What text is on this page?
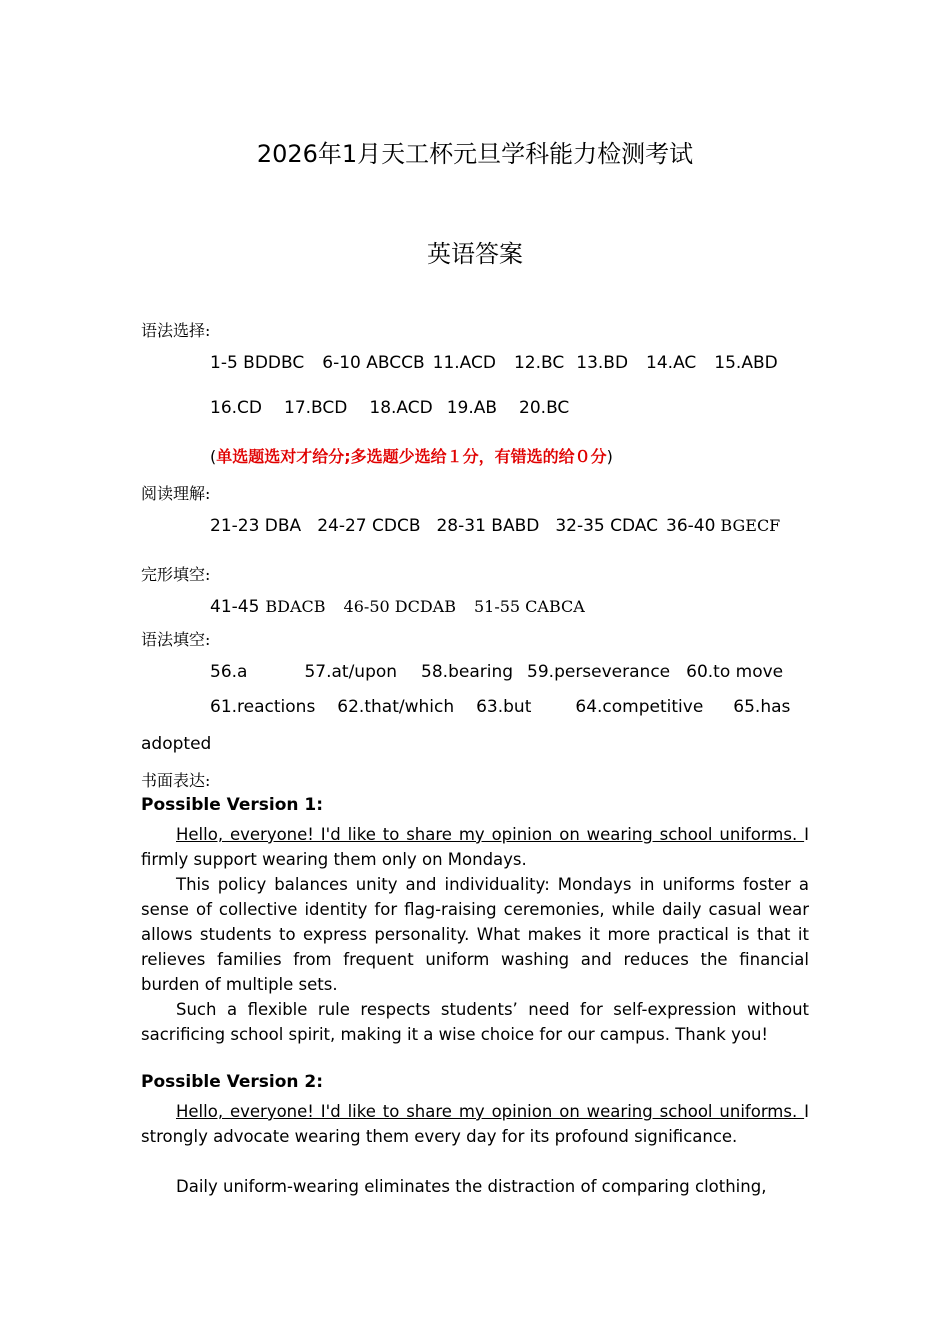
2026年1月天工杯元旦学科能力检测考试
英语答案
语法选择:
1-5 BDDBC 6-10 ABCCB 11.ACD 12.BC 13.BD 14.AC 15.ABD
16.CD 17.BCD 18.ACD 19.AB 20.BC
(单选题选对才给分;多选题少选给１分，有错选的给０分)
阅读理解:
21-23 DBA 24-27 CDCB 28-31 BABD 32-35 CDAC 36-40 BGECF
完形填空:
41-45 BDACB 46-50 DCDAB 51-55 CABCA
语法填空:
56.a	57.at/upon 58.bearing 59.perseverance 60.to move
61.reactions 62.that/which 63.but	64.competitive 65.has
adopted
书面表达:
Possible Version 1:
Hello, everyone! I'd like to share my opinion on wearing school uniforms. I firmly support wearing them only on Mondays.
This policy balances unity and individuality: Mondays in uniforms foster a sense of collective identity for flag-raising ceremonies, while daily casual wear allows students to express personality. What makes it more practical is that it relieves families from frequent uniform washing and reduces the financial burden of multiple sets.
Such a flexible rule respects students’ need for self-expression without sacrificing school spirit, making it a wise choice for our campus. Thank you!
Possible Version 2:
Hello, everyone! I'd like to share my opinion on wearing school uniforms. I strongly advocate wearing them every day for its profound significance.
Daily uniform-wearing eliminates the distraction of comparing clothing,
